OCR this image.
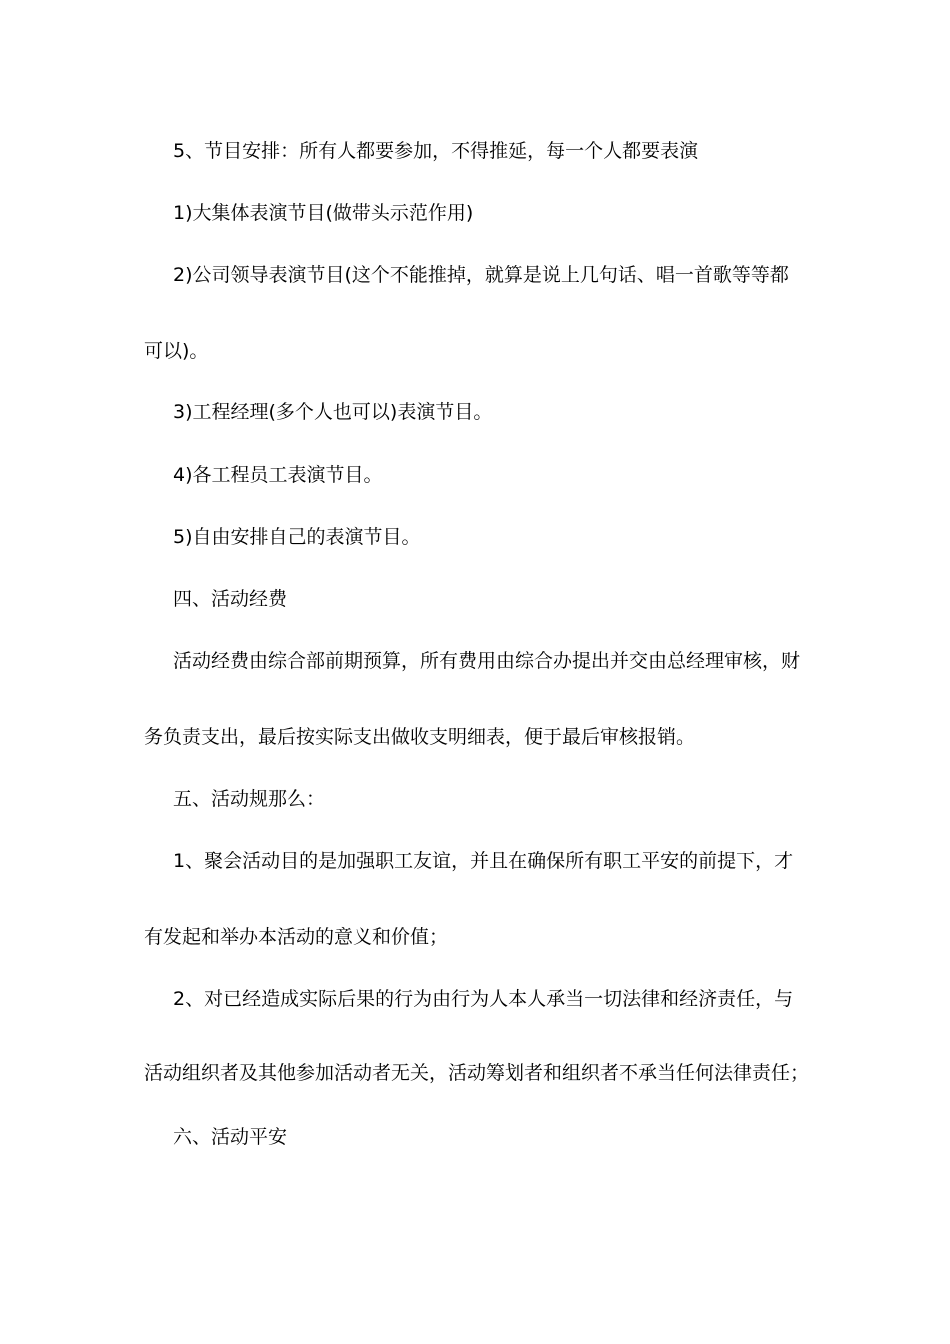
5、节目安排：所有人都要参加，不得推延，每一个人都要表演
1)大集体表演节目(做带头示范作用)
2)公司领导表演节目(这个不能推掉，就算是说上几句话、唱一首歌等等都
可以)。
3)工程经理(多个人也可以)表演节目。
4)各工程员工表演节目。
5)自由安排自己的表演节目。
四、活动经费
活动经费由综合部前期预算，所有费用由综合办提出并交由总经理审核，财
务负责支出，最后按实际支出做收支明细表，便于最后审核报销。
五、活动规那么：
1、聚会活动目的是加强职工友谊，并且在确保所有职工平安的前提下，才
有发起和举办本活动的意义和价值；
2、对已经造成实际后果的行为由行为人本人承当一切法律和经济责任，与
活动组织者及其他参加活动者无关，活动筹划者和组织者不承当任何法律责任；
六、活动平安
